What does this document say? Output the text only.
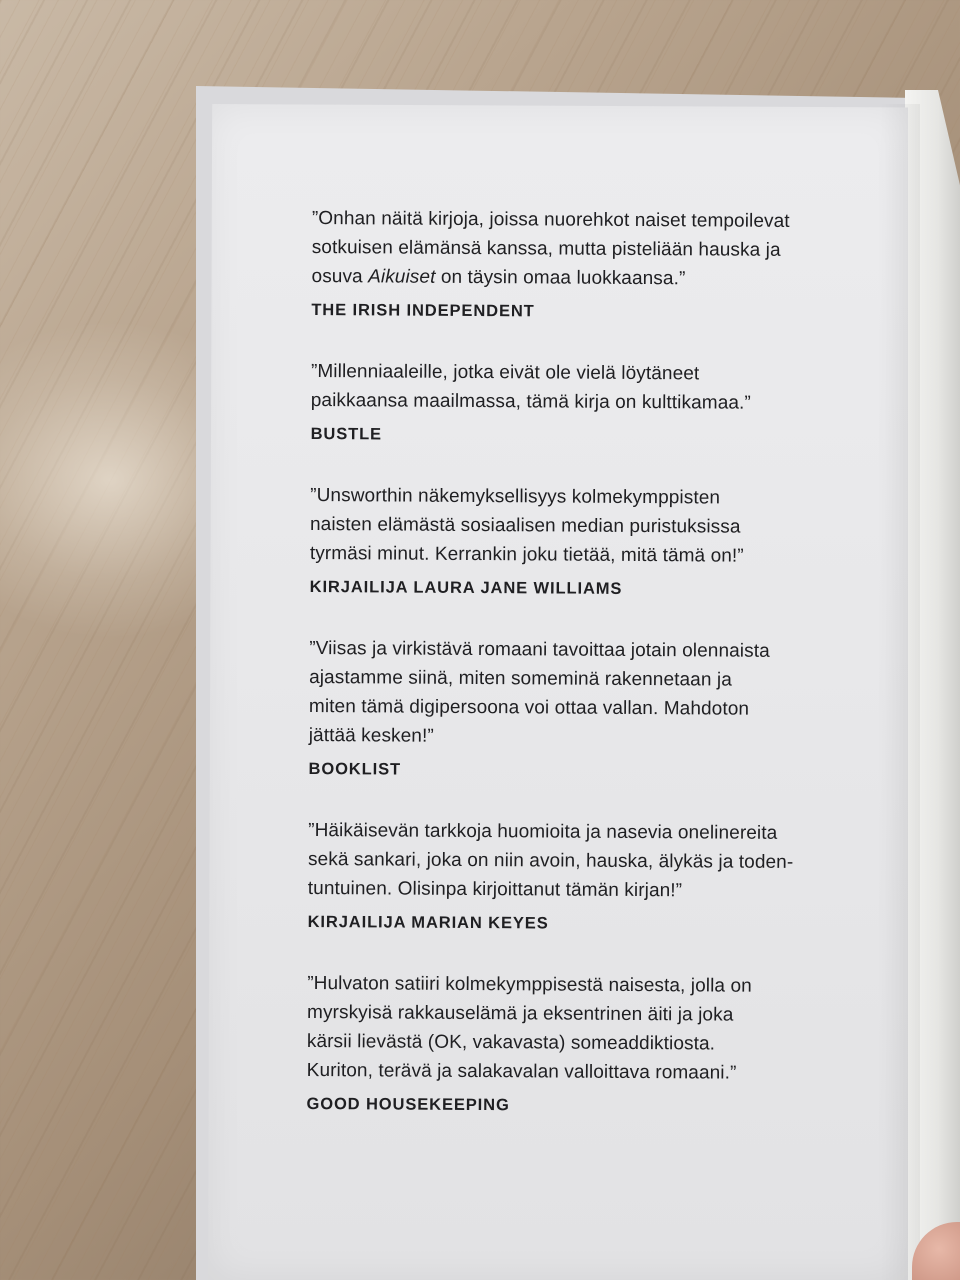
”Onhan näitä kirjoja, joissa nuorehkot naiset tempoilevat
sotkuisen elämänsä kanssa, mutta pisteliään hauska ja
osuva Aikuiset on täysin omaa luokkaansa.”

THE IRISH INDEPENDENT

”Millenniaaleille, jotka eivät ole vielä löytäneet
paikkaansa maailmassa, tämä kirja on kulttikamaa.”

BUSTLE

”Unsworthin näkemyksellisyys kolmekymppisten
naisten elämästä sosiaalisen median puristuksissa
tyrmäsi minut. Kerrankin joku tietää, mitä tämä on!”

KIRJAILIJA LAURA JANE WILLIAMS

”Viisas ja virkistävä romaani tavoittaa jotain olennaista
ajastamme siinä, miten somеminä rakennetaan ja
miten tämä digipersoona voi ottaa vallan. Mahdoton
jättää kesken!”

BOOKLIST

”Häikäisevän tarkkoja huomioita ja nasevia onelinereita
sekä sankari, joka on niin avoin, hauska, älykäs ja toden-
tuntuinen. Olisinpa kirjoittanut tämän kirjan!”

KIRJAILIJA MARIAN KEYES

”Hulvaton satiiri kolmekymppisestä naisesta, jolla on
myrskyisä rakkauselämä ja eksentrinen äiti ja joka
kärsii lievästä (OK, vakavasta) someaddiktiosta.
Kuriton, terävä ja salakavalan valloittava romaani.”

GOOD HOUSEKEEPING
